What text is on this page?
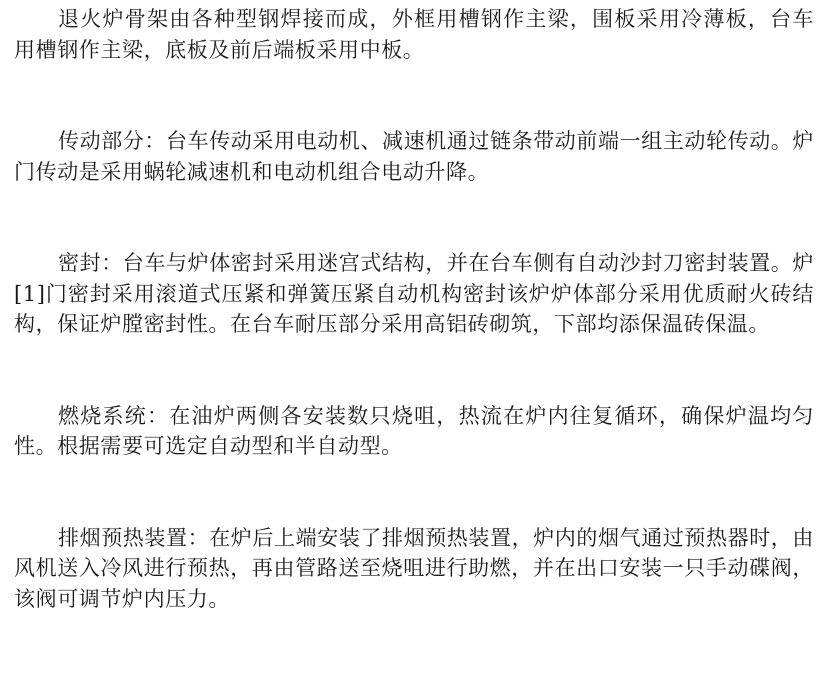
退火炉骨架由各种型钢焊接而成，外框用槽钢作主梁，围板采用冷薄板，台车 用槽钢作主梁，底板及前后端板采用中板。

传动部分：台车传动采用电动机、减速机通过链条带动前端一组主动轮传动。炉门传动是采用蜗轮减速机和电动机组合电动升降。

密封：台车与炉体密封采用迷宫式结构，并在台车侧有自动沙封刀密封装置。炉[1]门密封采用滚道式压紧和弹簧压紧自动机构密封该炉炉体部分采用优质耐火砖结构，保证炉膛密封性。在台车耐压部分采用高铝砖砌筑，下部均添保温砖保温。

燃烧系统：在油炉两侧各安装数只烧咀，热流在炉内往复循环，确保炉温均匀性。根据需要可选定自动型和半自动型。

排烟预热装置：在炉后上端安装了排烟预热装置，炉内的烟气通过预热器时，由风机送入冷风进行预热，再由管路送至烧咀进行助燃，并在出口安装一只手动碟阀，该阀可调节炉内压力。
